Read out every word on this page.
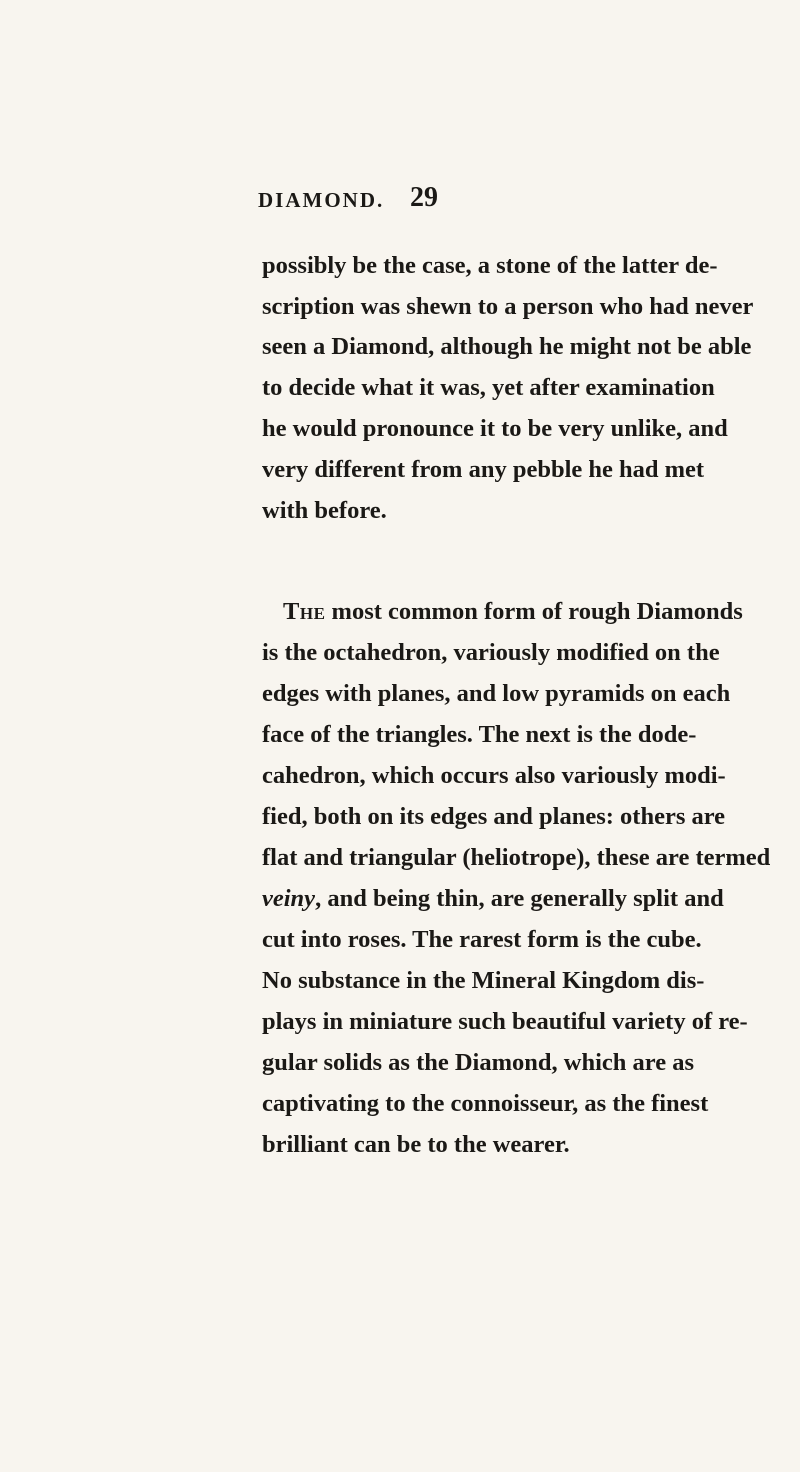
DIAMOND. 29
possibly be the case, a stone of the latter de-
scription was shewn to a person who had never
seen a Diamond, although he might not be able
to decide what it was, yet after examination
he would pronounce it to be very unlike, and
very different from any pebble he had met
with before.
The most common form of rough Diamonds
is the octahedron, variously modified on the
edges with planes, and low pyramids on each
face of the triangles. The next is the dode-
cahedron, which occurs also variously modi-
fied, both on its edges and planes: others are
flat and triangular (heliotrope), these are termed
veiny, and being thin, are generally split and
cut into roses. The rarest form is the cube.
No substance in the Mineral Kingdom dis-
plays in miniature such beautiful variety of re-
gular solids as the Diamond, which are as
captivating to the connoisseur, as the finest
brilliant can be to the wearer.
